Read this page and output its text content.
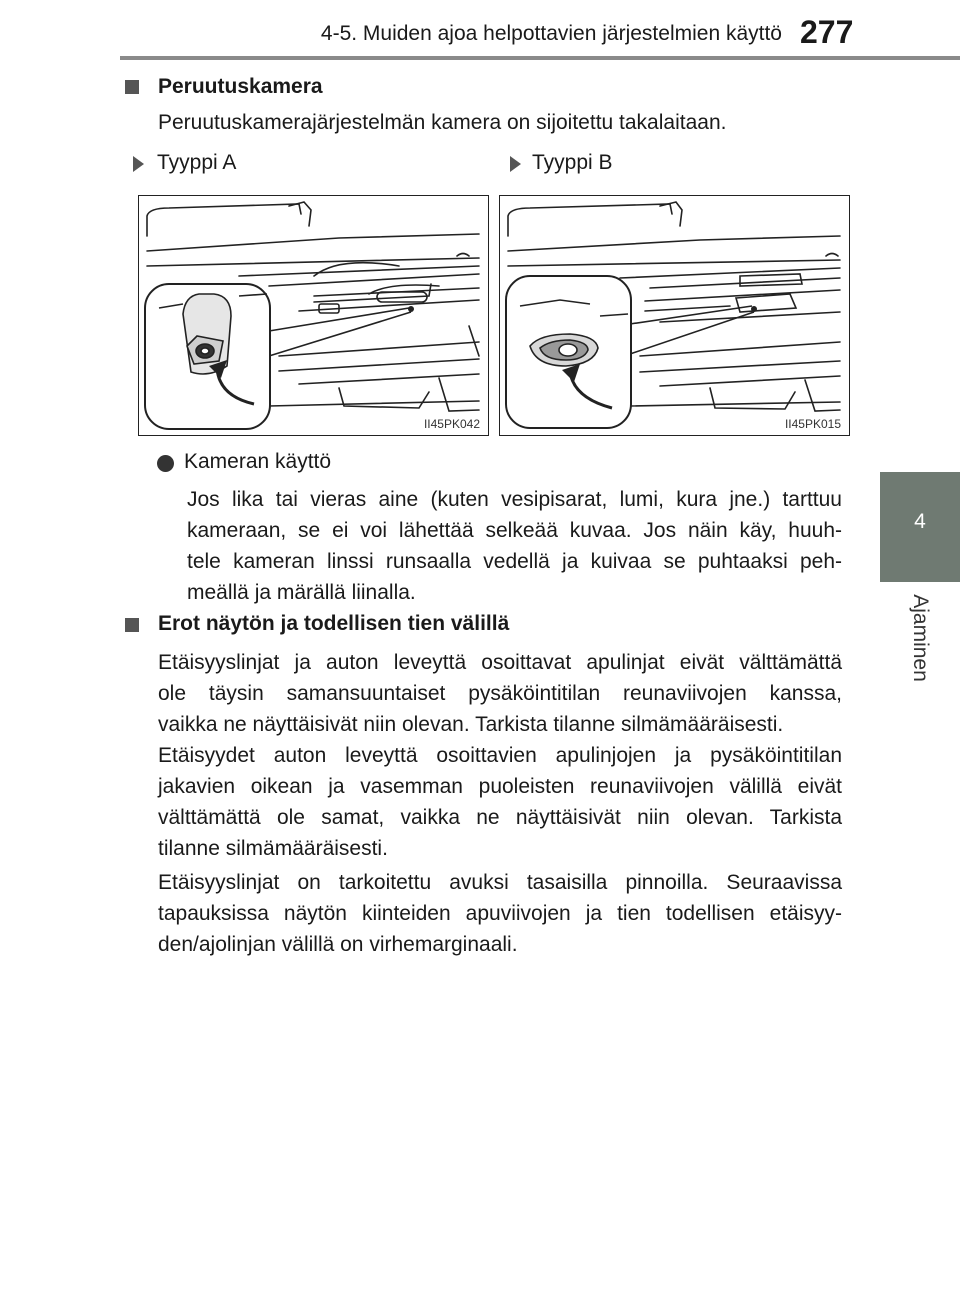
4-5. Muiden ajoa helpottavien järjestelmien käyttö 277
4
Ajaminen
Peruutuskamera
Peruutuskamerajärjestelmän kamera on sijoitettu takalaitaan.
Tyyppi A	Tyyppi B
II45PK042	II45PK015
Kameran käyttö
Jos lika tai vieras aine (kuten vesipisarat, lumi, kura jne.) tarttuu
kameraan, se ei voi lähettää selkeää kuvaa. Jos näin käy, huuh-
tele kameran linssi runsaalla vedellä ja kuivaa se puhtaaksi peh-
meällä ja märällä liinalla.
Erot näytön ja todellisen tien välillä
Etäisyyslinjat ja auton leveyttä osoittavat apulinjat eivät välttämättä
ole täysin samansuuntaiset pysäköintitilan reunaviivojen kanssa,
vaikka ne näyttäisivät niin olevan. Tarkista tilanne silmämääräisesti.
Etäisyydet auton leveyttä osoittavien apulinjojen ja pysäköintitilan
jakavien oikean ja vasemman puoleisten reunaviivojen välillä eivät
välttämättä ole samat, vaikka ne näyttäisivät niin olevan. Tarkista
tilanne silmämääräisesti.
Etäisyyslinjat on tarkoitettu avuksi tasaisilla pinnoilla. Seuraavissa
tapauksissa näytön kiinteiden apuviivojen ja tien todellisen etäisyy-
den/ajolinjan välillä on virhemarginaali.
